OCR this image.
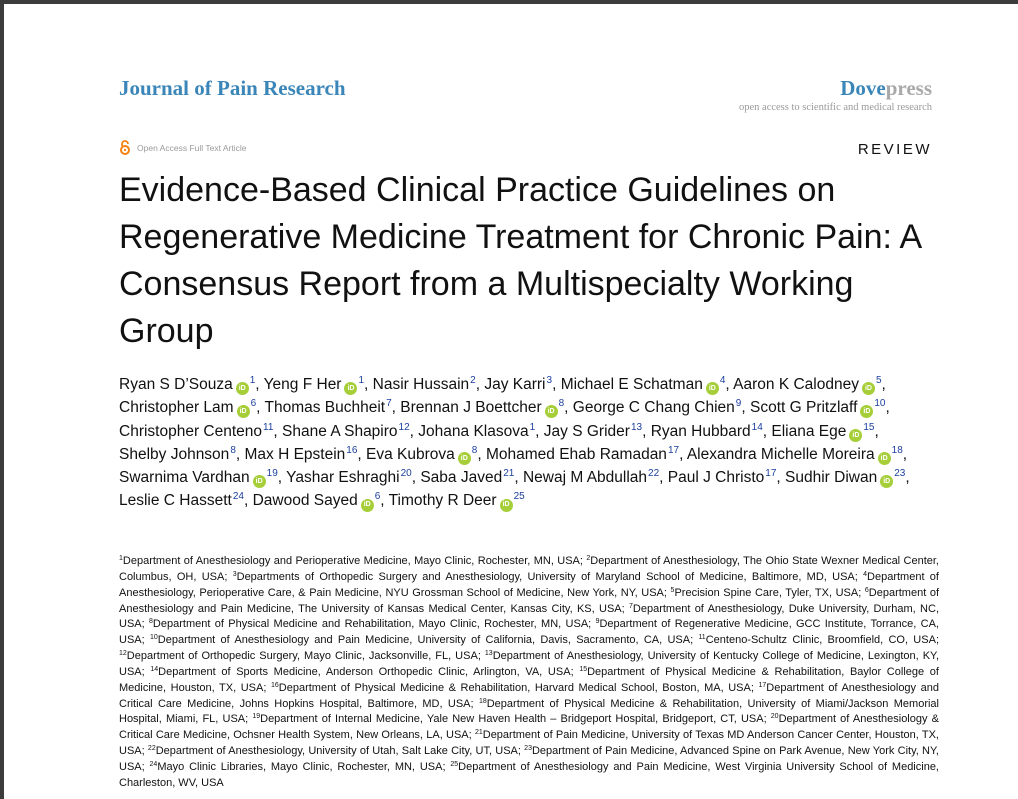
Journal of Pain Research	Dovepress
open access to scientific and medical research
Open Access Full Text Article	REVIEW
Evidence-Based Clinical Practice Guidelines on Regenerative Medicine Treatment for Chronic Pain: A Consensus Report from a Multispecialty Working Group
Ryan S D’Souza $iD^1$, Yeng F Her $iD^1$, Nasir Hussain$^2$, Jay Karri$^3$, Michael E Schatman $iD^4$, Aaron K Calodney $iD^5$, Christopher Lam $iD^6$, Thomas Buchheit$^7$, Brennan J Boettcher $iD^8$, George C Chang Chien$^9$, Scott G Pritzlaff $iD^{10}$, Christopher Centeno$^{11}$, Shane A Shapiro$^{12}$, Johana Klasova$^1$, Jay S Grider$^{13}$, Ryan Hubbard$^{14}$, Eliana Ege $iD^{15}$, Shelby Johnson$^8$, Max H Epstein$^{16}$, Eva Kubrova $iD^8$, Mohamed Ehab Ramadan$^{17}$, Alexandra Michelle Moreira $iD^{18}$, Swarnima Vardhan $iD^{19}$, Yashar Eshraghi$^{20}$, Saba Javed$^{21}$, Newaj M Abdullah$^{22}$, Paul J Christo$^{17}$, Sudhir Diwan $iD^{23}$, Leslie C Hassett$^{24}$, Dawood Sayed $iD^6$, Timothy R Deer $iD^{25}$
$^1$Department of Anesthesiology and Perioperative Medicine, Mayo Clinic, Rochester, MN, USA; $^2$Department of Anesthesiology, The Ohio State Wexner Medical Center, Columbus, OH, USA; $^3$Departments of Orthopedic Surgery and Anesthesiology, University of Maryland School of Medicine, Baltimore, MD, USA; $^4$Department of Anesthesiology, Perioperative Care, & Pain Medicine, NYU Grossman School of Medicine, New York, NY, USA; $^5$Precision Spine Care, Tyler, TX, USA; $^6$Department of Anesthesiology and Pain Medicine, The University of Kansas Medical Center, Kansas City, KS, USA; $^7$Department of Anesthesiology, Duke University, Durham, NC, USA; $^8$Department of Physical Medicine and Rehabilitation, Mayo Clinic, Rochester, MN, USA; $^9$Department of Regenerative Medicine, GCC Institute, Torrance, CA, USA; $^{10}$Department of Anesthesiology and Pain Medicine, University of California, Davis, Sacramento, CA, USA; $^{11}$Centeno-Schultz Clinic, Broomfield, CO, USA; $^{12}$Department of Orthopedic Surgery, Mayo Clinic, Jacksonville, FL, USA; $^{13}$Department of Anesthesiology, University of Kentucky College of Medicine, Lexington, KY, USA; $^{14}$Department of Sports Medicine, Anderson Orthopedic Clinic, Arlington, VA, USA; $^{15}$Department of Physical Medicine & Rehabilitation, Baylor College of Medicine, Houston, TX, USA; $^{16}$Department of Physical Medicine & Rehabilitation, Harvard Medical School, Boston, MA, USA; $^{17}$Department of Anesthesiology and Critical Care Medicine, Johns Hopkins Hospital, Baltimore, MD, USA; $^{18}$Department of Physical Medicine & Rehabilitation, University of Miami/Jackson Memorial Hospital, Miami, FL, USA; $^{19}$Department of Internal Medicine, Yale New Haven Health – Bridgeport Hospital, Bridgeport, CT, USA; $^{20}$Department of Anesthesiology & Critical Care Medicine, Ochsner Health System, New Orleans, LA, USA; $^{21}$Department of Pain Medicine, University of Texas MD Anderson Cancer Center, Houston, TX, USA; $^{22}$Department of Anesthesiology, University of Utah, Salt Lake City, UT, USA; $^{23}$Department of Pain Medicine, Advanced Spine on Park Avenue, New York City, NY, USA; $^{24}$Mayo Clinic Libraries, Mayo Clinic, Rochester, MN, USA; $^{25}$Department of Anesthesiology and Pain Medicine, West Virginia University School of Medicine, Charleston, WV, USA
